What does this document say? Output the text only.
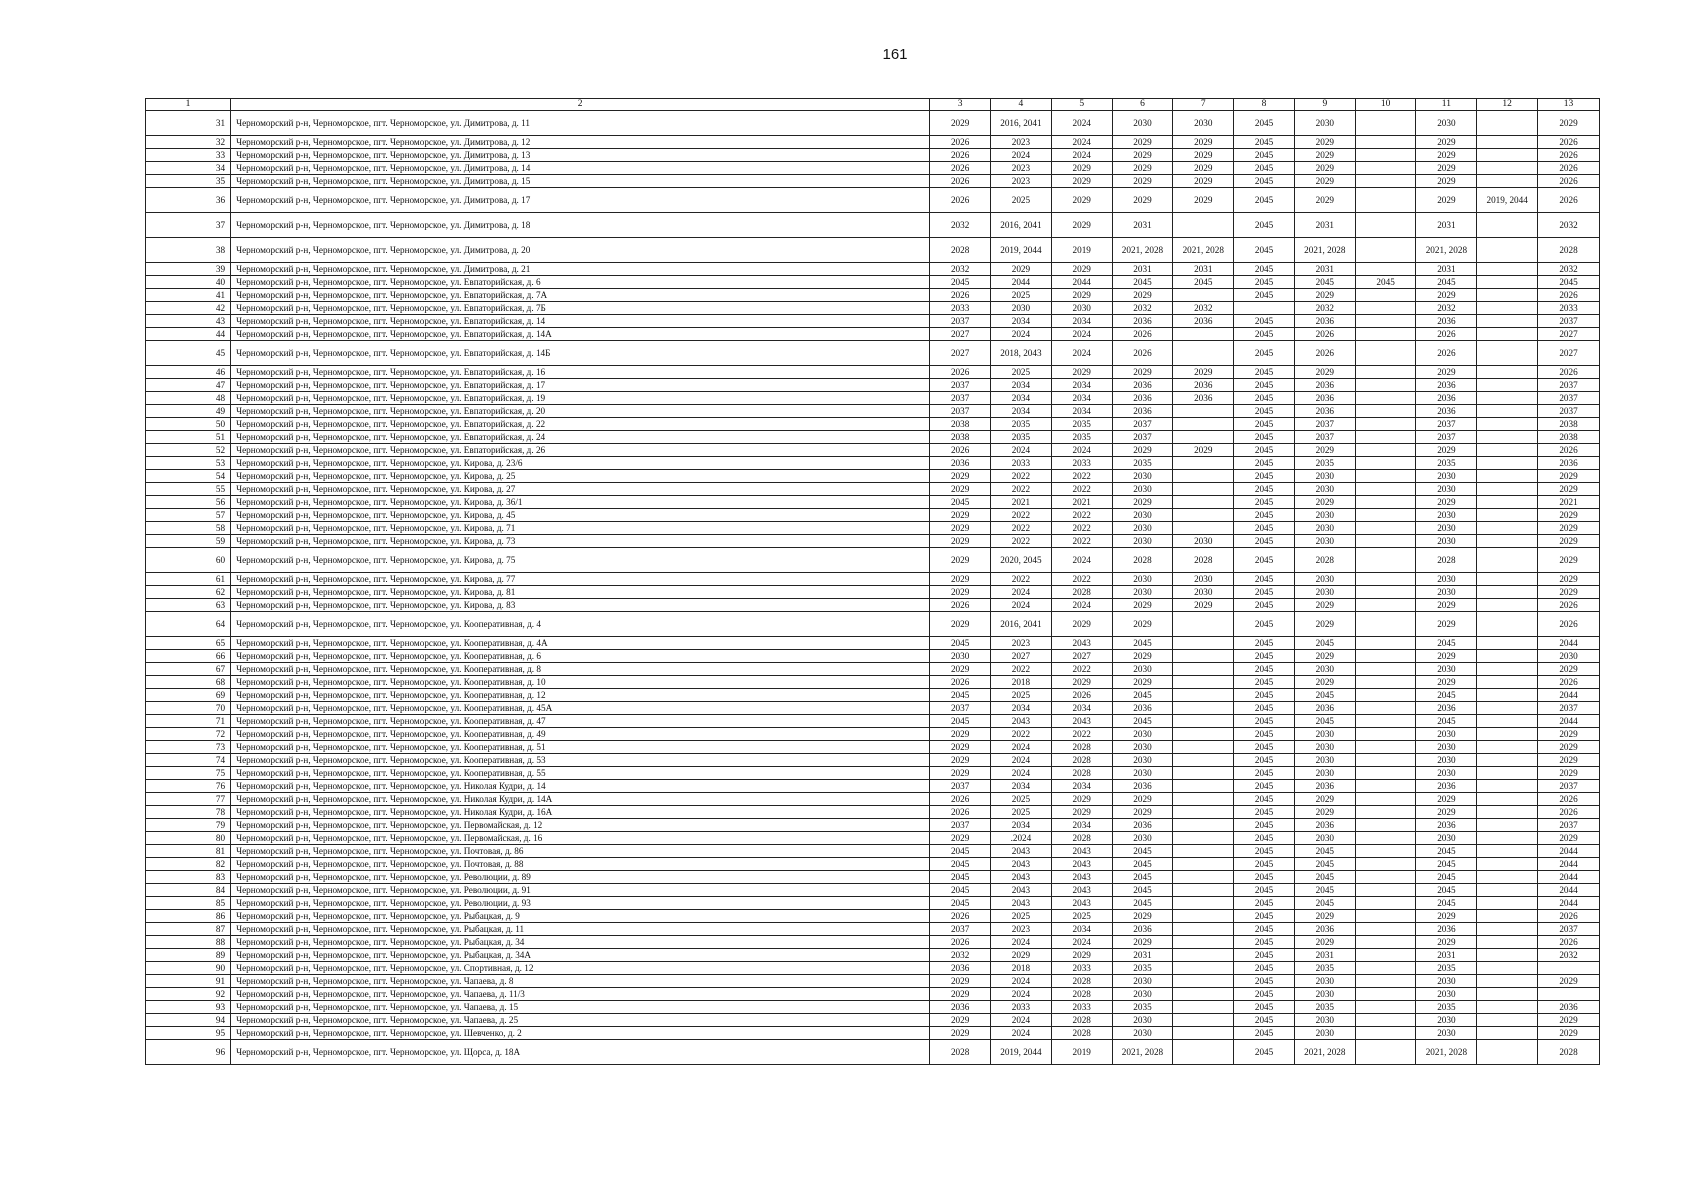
161
1	2	3	4	5	6	7	8	9	10	11	12	13
31	Черноморский р-н, Черноморское, пгт. Черноморское, ул. Димитрова, д. 11	2029	2016, 2041	2024	2030	2030	2045	2030		2030		2029
32	Черноморский р-н, Черноморское, пгт. Черноморское, ул. Димитрова, д. 12	2026	2023	2024	2029	2029	2045	2029		2029		2026
33	Черноморский р-н, Черноморское, пгт. Черноморское, ул. Димитрова, д. 13	2026	2024	2024	2029	2029	2045	2029		2029		2026
34	Черноморский р-н, Черноморское, пгт. Черноморское, ул. Димитрова, д. 14	2026	2023	2029	2029	2029	2045	2029		2029		2026
35	Черноморский р-н, Черноморское, пгт. Черноморское, ул. Димитрова, д. 15	2026	2023	2029	2029	2029	2045	2029		2029		2026
36	Черноморский р-н, Черноморское, пгт. Черноморское, ул. Димитрова, д. 17	2026	2025	2029	2029	2029	2045	2029		2029	2019, 2044	2026
37	Черноморский р-н, Черноморское, пгт. Черноморское, ул. Димитрова, д. 18	2032	2016, 2041	2029	2031		2045	2031		2031		2032
38	Черноморский р-н, Черноморское, пгт. Черноморское, ул. Димитрова, д. 20	2028	2019, 2044	2019	2021, 2028	2021, 2028	2045	2021, 2028		2021, 2028		2028
39	Черноморский р-н, Черноморское, пгт. Черноморское, ул. Димитрова, д. 21	2032	2029	2029	2031	2031	2045	2031		2031		2032
40	Черноморский р-н, Черноморское, пгт. Черноморское, ул. Евпаторийская, д. 6	2045	2044	2044	2045	2045	2045	2045	2045	2045		2045
41	Черноморский р-н, Черноморское, пгт. Черноморское, ул. Евпаторийская, д. 7А	2026	2025	2029	2029		2045	2029		2029		2026
42	Черноморский р-н, Черноморское, пгт. Черноморское, ул. Евпаторийская, д. 7Б	2033	2030	2030	2032	2032		2032		2032		2033
43	Черноморский р-н, Черноморское, пгт. Черноморское, ул. Евпаторийская, д. 14	2037	2034	2034	2036	2036	2045	2036		2036		2037
44	Черноморский р-н, Черноморское, пгт. Черноморское, ул. Евпаторийская, д. 14А	2027	2024	2024	2026		2045	2026		2026		2027
45	Черноморский р-н, Черноморское, пгт. Черноморское, ул. Евпаторийская, д. 14Б	2027	2018, 2043	2024	2026		2045	2026		2026		2027
46	Черноморский р-н, Черноморское, пгт. Черноморское, ул. Евпаторийская, д. 16	2026	2025	2029	2029	2029	2045	2029		2029		2026
47	Черноморский р-н, Черноморское, пгт. Черноморское, ул. Евпаторийская, д. 17	2037	2034	2034	2036	2036	2045	2036		2036		2037
48	Черноморский р-н, Черноморское, пгт. Черноморское, ул. Евпаторийская, д. 19	2037	2034	2034	2036	2036	2045	2036		2036		2037
49	Черноморский р-н, Черноморское, пгт. Черноморское, ул. Евпаторийская, д. 20	2037	2034	2034	2036		2045	2036		2036		2037
50	Черноморский р-н, Черноморское, пгт. Черноморское, ул. Евпаторийская, д. 22	2038	2035	2035	2037		2045	2037		2037		2038
51	Черноморский р-н, Черноморское, пгт. Черноморское, ул. Евпаторийская, д. 24	2038	2035	2035	2037		2045	2037		2037		2038
52	Черноморский р-н, Черноморское, пгт. Черноморское, ул. Евпаторийская, д. 26	2026	2024	2024	2029	2029	2045	2029		2029		2026
53	Черноморский р-н, Черноморское, пгт. Черноморское, ул. Кирова, д. 23/6	2036	2033	2033	2035		2045	2035		2035		2036
54	Черноморский р-н, Черноморское, пгт. Черноморское, ул. Кирова, д. 25	2029	2022	2022	2030		2045	2030		2030		2029
55	Черноморский р-н, Черноморское, пгт. Черноморское, ул. Кирова, д. 27	2029	2022	2022	2030		2045	2030		2030		2029
56	Черноморский р-н, Черноморское, пгт. Черноморское, ул. Кирова, д. 36/1	2045	2021	2021	2029		2045	2029		2029		2021
57	Черноморский р-н, Черноморское, пгт. Черноморское, ул. Кирова, д. 45	2029	2022	2022	2030		2045	2030		2030		2029
58	Черноморский р-н, Черноморское, пгт. Черноморское, ул. Кирова, д. 71	2029	2022	2022	2030		2045	2030		2030		2029
59	Черноморский р-н, Черноморское, пгт. Черноморское, ул. Кирова, д. 73	2029	2022	2022	2030	2030	2045	2030		2030		2029
60	Черноморский р-н, Черноморское, пгт. Черноморское, ул. Кирова, д. 75	2029	2020, 2045	2024	2028	2028	2045	2028		2028		2029
61	Черноморский р-н, Черноморское, пгт. Черноморское, ул. Кирова, д. 77	2029	2022	2022	2030	2030	2045	2030		2030		2029
62	Черноморский р-н, Черноморское, пгт. Черноморское, ул. Кирова, д. 81	2029	2024	2028	2030	2030	2045	2030		2030		2029
63	Черноморский р-н, Черноморское, пгт. Черноморское, ул. Кирова, д. 83	2026	2024	2024	2029	2029	2045	2029		2029		2026
64	Черноморский р-н, Черноморское, пгт. Черноморское, ул. Кооперативная, д. 4	2029	2016, 2041	2029	2029		2045	2029		2029		2026
65	Черноморский р-н, Черноморское, пгт. Черноморское, ул. Кооперативная, д. 4А	2045	2023	2043	2045		2045	2045		2045		2044
66	Черноморский р-н, Черноморское, пгт. Черноморское, ул. Кооперативная, д. 6	2030	2027	2027	2029		2045	2029		2029		2030
67	Черноморский р-н, Черноморское, пгт. Черноморское, ул. Кооперативная, д. 8	2029	2022	2022	2030		2045	2030		2030		2029
68	Черноморский р-н, Черноморское, пгт. Черноморское, ул. Кооперативная, д. 10	2026	2018	2029	2029		2045	2029		2029		2026
69	Черноморский р-н, Черноморское, пгт. Черноморское, ул. Кооперативная, д. 12	2045	2025	2026	2045		2045	2045		2045		2044
70	Черноморский р-н, Черноморское, пгт. Черноморское, ул. Кооперативная, д. 45А	2037	2034	2034	2036		2045	2036		2036		2037
71	Черноморский р-н, Черноморское, пгт. Черноморское, ул. Кооперативная, д. 47	2045	2043	2043	2045		2045	2045		2045		2044
72	Черноморский р-н, Черноморское, пгт. Черноморское, ул. Кооперативная, д. 49	2029	2022	2022	2030		2045	2030		2030		2029
73	Черноморский р-н, Черноморское, пгт. Черноморское, ул. Кооперативная, д. 51	2029	2024	2028	2030		2045	2030		2030		2029
74	Черноморский р-н, Черноморское, пгт. Черноморское, ул. Кооперативная, д. 53	2029	2024	2028	2030		2045	2030		2030		2029
75	Черноморский р-н, Черноморское, пгт. Черноморское, ул. Кооперативная, д. 55	2029	2024	2028	2030		2045	2030		2030		2029
76	Черноморский р-н, Черноморское, пгт. Черноморское, ул. Николая Кудри, д. 14	2037	2034	2034	2036		2045	2036		2036		2037
77	Черноморский р-н, Черноморское, пгт. Черноморское, ул. Николая Кудри, д. 14А	2026	2025	2029	2029		2045	2029		2029		2026
78	Черноморский р-н, Черноморское, пгт. Черноморское, ул. Николая Кудри, д. 16А	2026	2025	2029	2029		2045	2029		2029		2026
79	Черноморский р-н, Черноморское, пгт. Черноморское, ул. Первомайская, д. 12	2037	2034	2034	2036		2045	2036		2036		2037
80	Черноморский р-н, Черноморское, пгт. Черноморское, ул. Первомайская, д. 16	2029	.2024	2028	2030		2045	2030		2030		2029
81	Черноморский р-н, Черноморское, пгт. Черноморское, ул. Почтовая, д. 86	2045	2043	2043	2045		2045	2045		2045		2044
82	Черноморский р-н, Черноморское, пгт. Черноморское, ул. Почтовая, д. 88	2045	2043	2043	2045		2045	2045		2045		2044
83	Черноморский р-н, Черноморское, пгт. Черноморское, ул. Революции, д. 89	2045	2043	2043	2045		2045	2045		2045		2044
84	Черноморский р-н, Черноморское, пгт. Черноморское, ул. Революции, д. 91	2045	2043	2043	2045		2045	2045		2045		2044
85	Черноморский р-н, Черноморское, пгт. Черноморское, ул. Революции, д. 93	2045	2043	2043	2045		2045	2045		2045		2044
86	Черноморский р-н, Черноморское, пгт. Черноморское, ул. Рыбацкая, д. 9	2026	2025	2025	2029		2045	2029		2029		2026
87	Черноморский р-н, Черноморское, пгт. Черноморское, ул. Рыбацкая, д. 11	2037	2023	2034	2036		2045	2036		2036		2037
88	Черноморский р-н, Черноморское, пгт. Черноморское, ул. Рыбацкая, д. 34	2026	2024	2024	2029		2045	2029		2029		2026
89	Черноморский р-н, Черноморское, пгт. Черноморское, ул. Рыбацкая, д. 34А	2032	2029	2029	2031		2045	2031		2031		2032
90	Черноморский р-н, Черноморское, пгт. Черноморское, ул. Спортивная, д. 12	2036	2018	2033	2035		2045	2035		2035		
91	Черноморский р-н, Черноморское, пгт. Черноморское, ул. Чапаева, д. 8	2029	2024	2028	2030		2045	2030		2030		2029
92	Черноморский р-н, Черноморское, пгт. Черноморское, ул. Чапаева, д. 11/3	2029	2024	2028	2030		2045	2030		2030		
93	Черноморский р-н, Черноморское, пгт. Черноморское, ул. Чапаева, д. 15	2036	2033	2033	2035		2045	2035		2035		2036
94	Черноморский р-н, Черноморское, пгт. Черноморское, ул. Чапаева, д. 25	2029	2024	2028	2030		2045	2030		2030		2029
95	Черноморский р-н, Черноморское, пгт. Черноморское, ул. Шевченко, д. 2	2029	2024	2028	2030		2045	2030		2030		2029
96	Черноморский р-н, Черноморское, пгт. Черноморское, ул. Щорса, д. 18А	2028	2019, 2044	2019	2021, 2028		2045	2021, 2028		2021, 2028		2028
